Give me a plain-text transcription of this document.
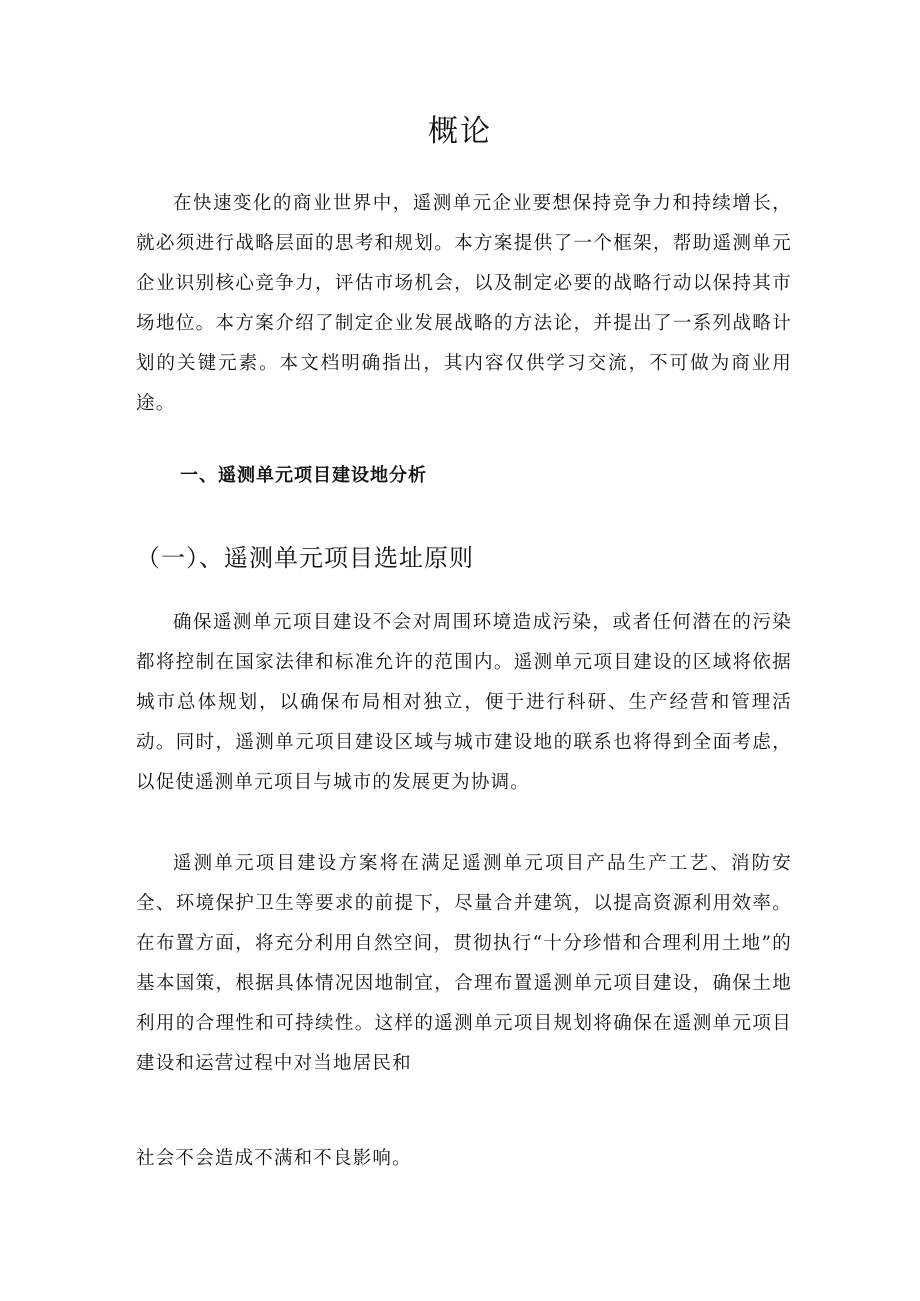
概论

在快速变化的商业世界中，遥测单元企业要想保持竞争力和持续增长，就必须进行战略层面的思考和规划。本方案提供了一个框架，帮助遥测单元企业识别核心竞争力，评估市场机会，以及制定必要的战略行动以保持其市场地位。本方案介绍了制定企业发展战略的方法论，并提出了一系列战略计划的关键元素。本文档明确指出，其内容仅供学习交流，不可做为商业用途。

一、遥测单元项目建设地分析
（一）、遥测单元项目选址原则

确保遥测单元项目建设不会对周围环境造成污染，或者任何潜在的污染都将控制在国家法律和标准允许的范围内。遥测单元项目建设的区域将依据城市总体规划，以确保布局相对独立，便于进行科研、生产经营和管理活动。同时，遥测单元项目建设区域与城市建设地的联系也将得到全面考虑，以促使遥测单元项目与城市的发展更为协调。

遥测单元项目建设方案将在满足遥测单元项目产品生产工艺、消防安全、环境保护卫生等要求的前提下，尽量合并建筑，以提高资源利用效率。在布置方面，将充分利用自然空间，贯彻执行“十分珍惜和合理利用土地”的基本国策，根据具体情况因地制宜，合理布置遥测单元项目建设，确保土地利用的合理性和可持续性。这样的遥测单元项目规划将确保在遥测单元项目建设和运营过程中对当地居民和

社会不会造成不满和不良影响。
